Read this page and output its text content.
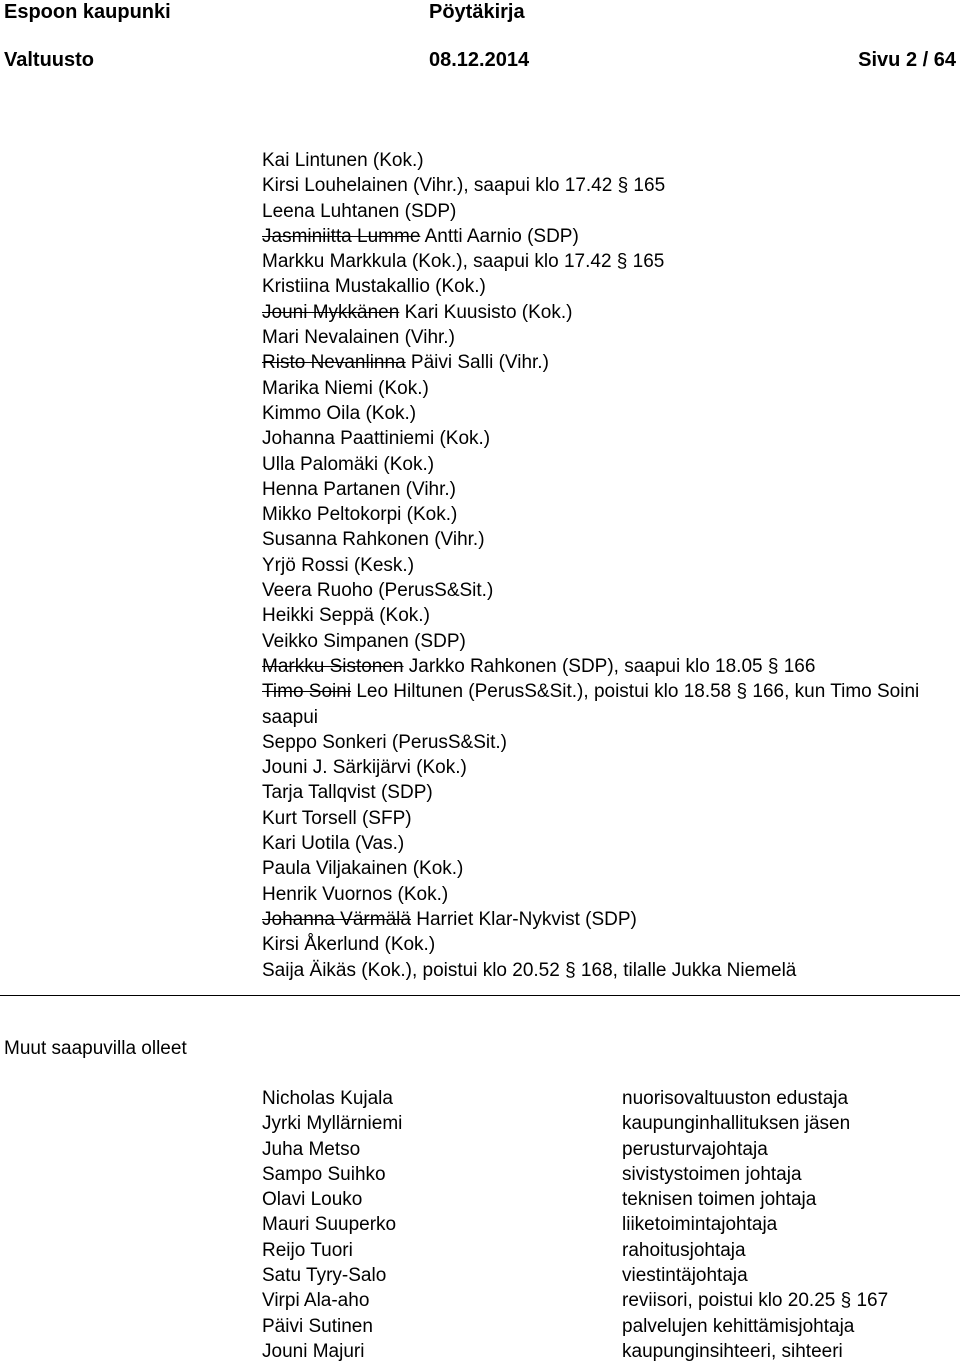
Espoon kaupunki	Pöytäkirja
Valtuusto	08.12.2014	Sivu 2 / 64
Kai Lintunen (Kok.)
Kirsi Louhelainen (Vihr.), saapui klo 17.42 § 165
Leena Luhtanen (SDP)
Jasminiitta Lumme Antti Aarnio (SDP)
Markku Markkula (Kok.), saapui klo 17.42 § 165
Kristiina Mustakallio (Kok.)
Jouni Mykkänen Kari Kuusisto (Kok.)
Mari Nevalainen (Vihr.)
Risto Nevanlinna Päivi Salli (Vihr.)
Marika Niemi (Kok.)
Kimmo Oila (Kok.)
Johanna Paattiniemi (Kok.)
Ulla Palomäki (Kok.)
Henna Partanen (Vihr.)
Mikko Peltokorpi (Kok.)
Susanna Rahkonen (Vihr.)
Yrjö Rossi (Kesk.)
Veera Ruoho (PerusS&Sit.)
Heikki Seppä (Kok.)
Veikko Simpanen (SDP)
Markku Sistonen Jarkko Rahkonen (SDP), saapui klo 18.05 § 166
Timo Soini Leo Hiltunen (PerusS&Sit.), poistui klo 18.58 § 166, kun Timo Soini saapui
Seppo Sonkeri (PerusS&Sit.)
Jouni J. Särkijärvi (Kok.)
Tarja Tallqvist (SDP)
Kurt Torsell (SFP)
Kari Uotila (Vas.)
Paula Viljakainen (Kok.)
Henrik Vuornos (Kok.)
Johanna Värmälä Harriet Klar-Nykvist (SDP)
Kirsi Åkerlund (Kok.)
Saija Äikäs (Kok.), poistui klo 20.52 § 168, tilalle Jukka Niemelä
Muut saapuvilla olleet
Nicholas Kujala	nuorisovaltuuston edustaja
Jyrki Myllärniemi	kaupunginhallituksen jäsen
Juha Metso	perusturvajohtaja
Sampo Suihko	sivistystoimen johtaja
Olavi Louko	teknisen toimen johtaja
Mauri Suuperko	liiketoimintajohtaja
Reijo Tuori	rahoitusjohtaja
Satu Tyry-Salo	viestintäjohtaja
Virpi Ala-aho	reviisori, poistui klo 20.25 § 167
Päivi Sutinen	palvelujen kehittämisjohtaja
Jouni Majuri	kaupunginsihteeri, sihteeri
